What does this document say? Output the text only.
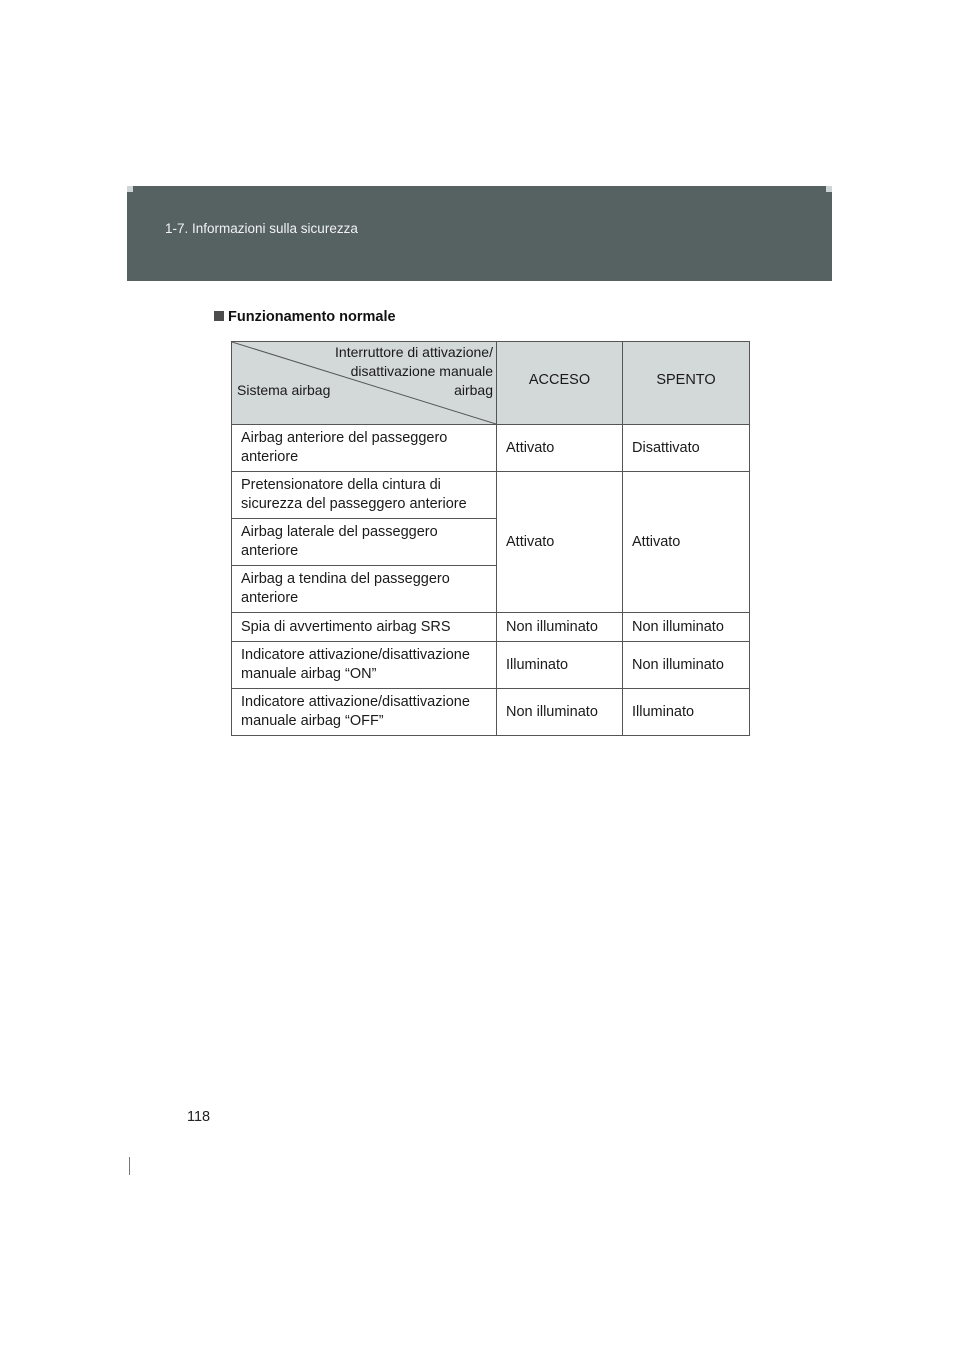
1-7. Informazioni sulla sicurezza
Funzionamento normale
Interruttore di attivazione/
disattivazione manuale
airbag
Sistema airbag	ACCESO	SPENTO
Airbag anteriore del passeggero anteriore	Attivato	Disattivato
Pretensionatore della cintura di sicurezza del passeggero anteriore	Attivato	Attivato
Airbag laterale del passeggero anteriore		
Airbag a tendina del passeggero anteriore		
Spia di avvertimento airbag SRS	Non illuminato	Non illuminato
Indicatore attivazione/disattivazione manuale airbag “ON”	Illuminato	Non illuminato
Indicatore attivazione/disattivazione manuale airbag “OFF”	Non illuminato	Illuminato
118
